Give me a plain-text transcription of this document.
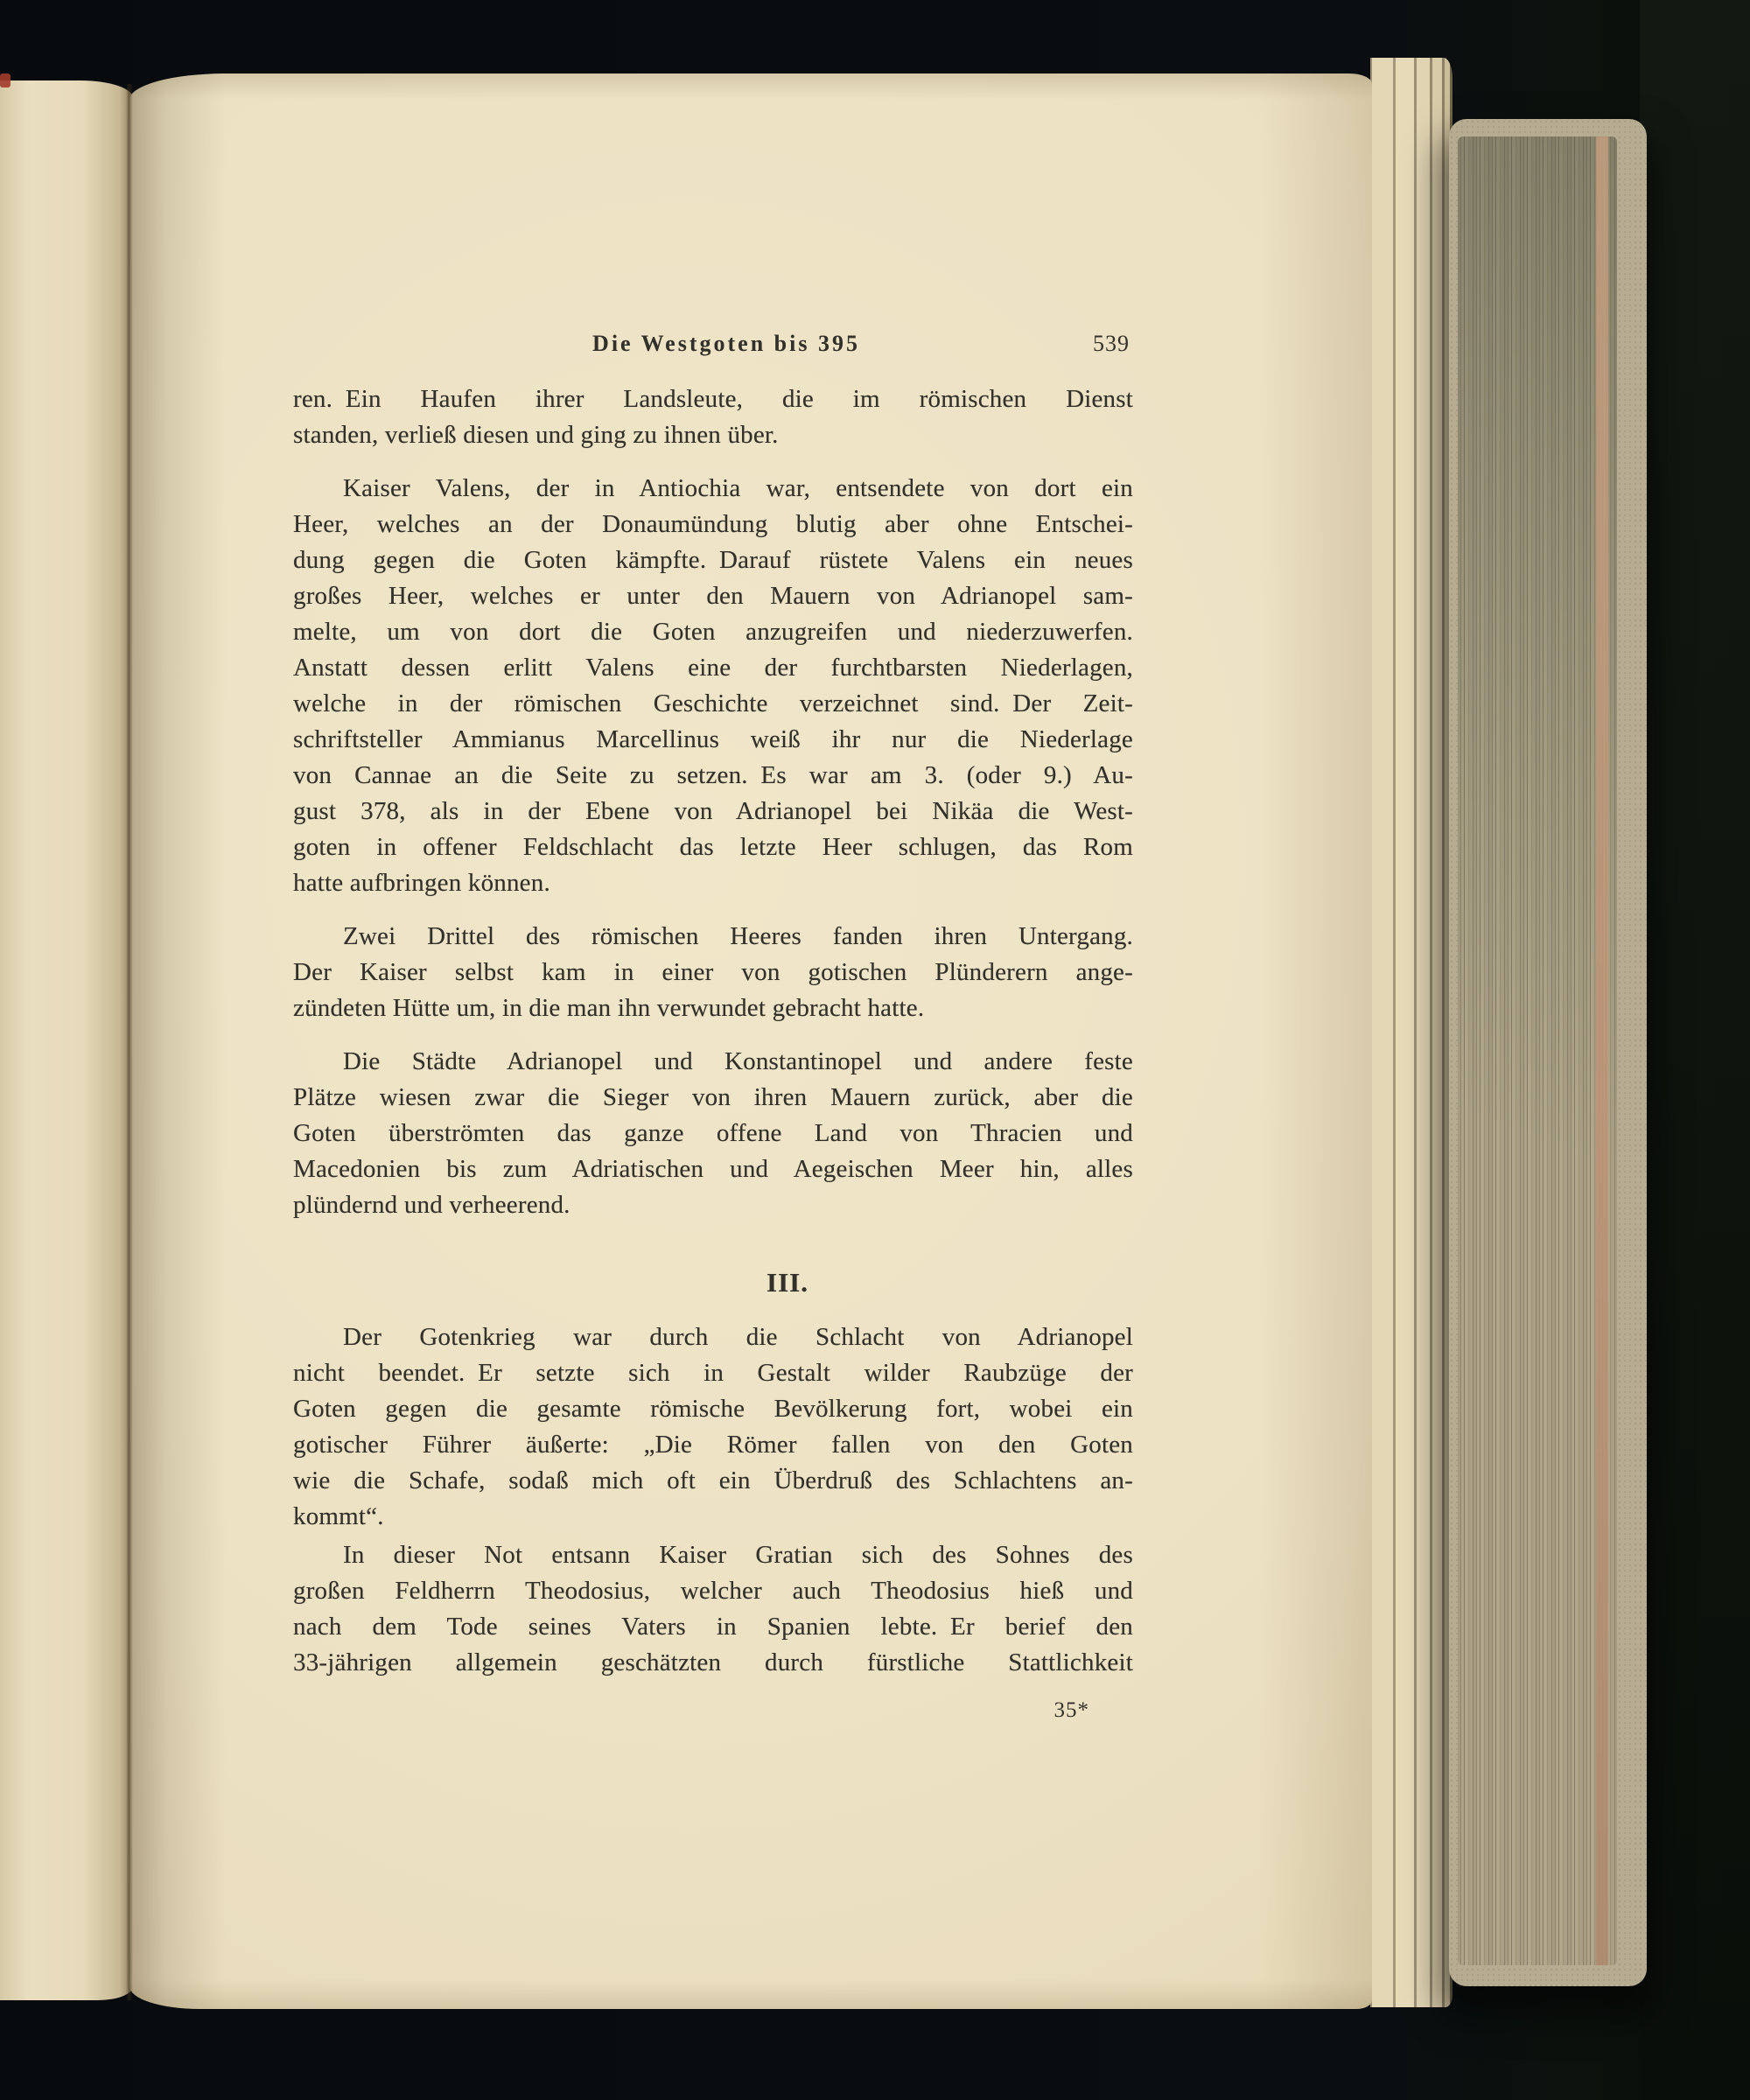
Die Westgoten bis 395	539
ren. Ein Haufen ihrer Landsleute, die im römischen Dienst
standen, verließ diesen und ging zu ihnen über.
Kaiser Valens, der in Antiochia war, entsendete von dort ein
Heer, welches an der Donaumündung blutig aber ohne Entschei-
dung gegen die Goten kämpfte. Darauf rüstete Valens ein neues
großes Heer, welches er unter den Mauern von Adrianopel sam-
melte, um von dort die Goten anzugreifen und niederzuwerfen.
Anstatt dessen erlitt Valens eine der furchtbarsten Niederlagen,
welche in der römischen Geschichte verzeichnet sind. Der Zeit-
schriftsteller Ammianus Marcellinus weiß ihr nur die Niederlage
von Cannae an die Seite zu setzen. Es war am 3. (oder 9.) Au-
gust 378, als in der Ebene von Adrianopel bei Nikäa die West-
goten in offener Feldschlacht das letzte Heer schlugen, das Rom
hatte aufbringen können.
Zwei Drittel des römischen Heeres fanden ihren Untergang.
Der Kaiser selbst kam in einer von gotischen Plünderern ange-
zündeten Hütte um, in die man ihn verwundet gebracht hatte.
Die Städte Adrianopel und Konstantinopel und andere feste
Plätze wiesen zwar die Sieger von ihren Mauern zurück, aber die
Goten überströmten das ganze offene Land von Thracien und
Macedonien bis zum Adriatischen und Aegeischen Meer hin, alles
plündernd und verheerend.
III.
Der Gotenkrieg war durch die Schlacht von Adrianopel
nicht beendet. Er setzte sich in Gestalt wilder Raubzüge der
Goten gegen die gesamte römische Bevölkerung fort, wobei ein
gotischer Führer äußerte: „Die Römer fallen von den Goten
wie die Schafe, sodaß mich oft ein Überdruß des Schlachtens an-
kommt“.
In dieser Not entsann Kaiser Gratian sich des Sohnes des
großen Feldherrn Theodosius, welcher auch Theodosius hieß und
nach dem Tode seines Vaters in Spanien lebte. Er berief den
33-jährigen allgemein geschätzten durch fürstliche Stattlichkeit
35*
